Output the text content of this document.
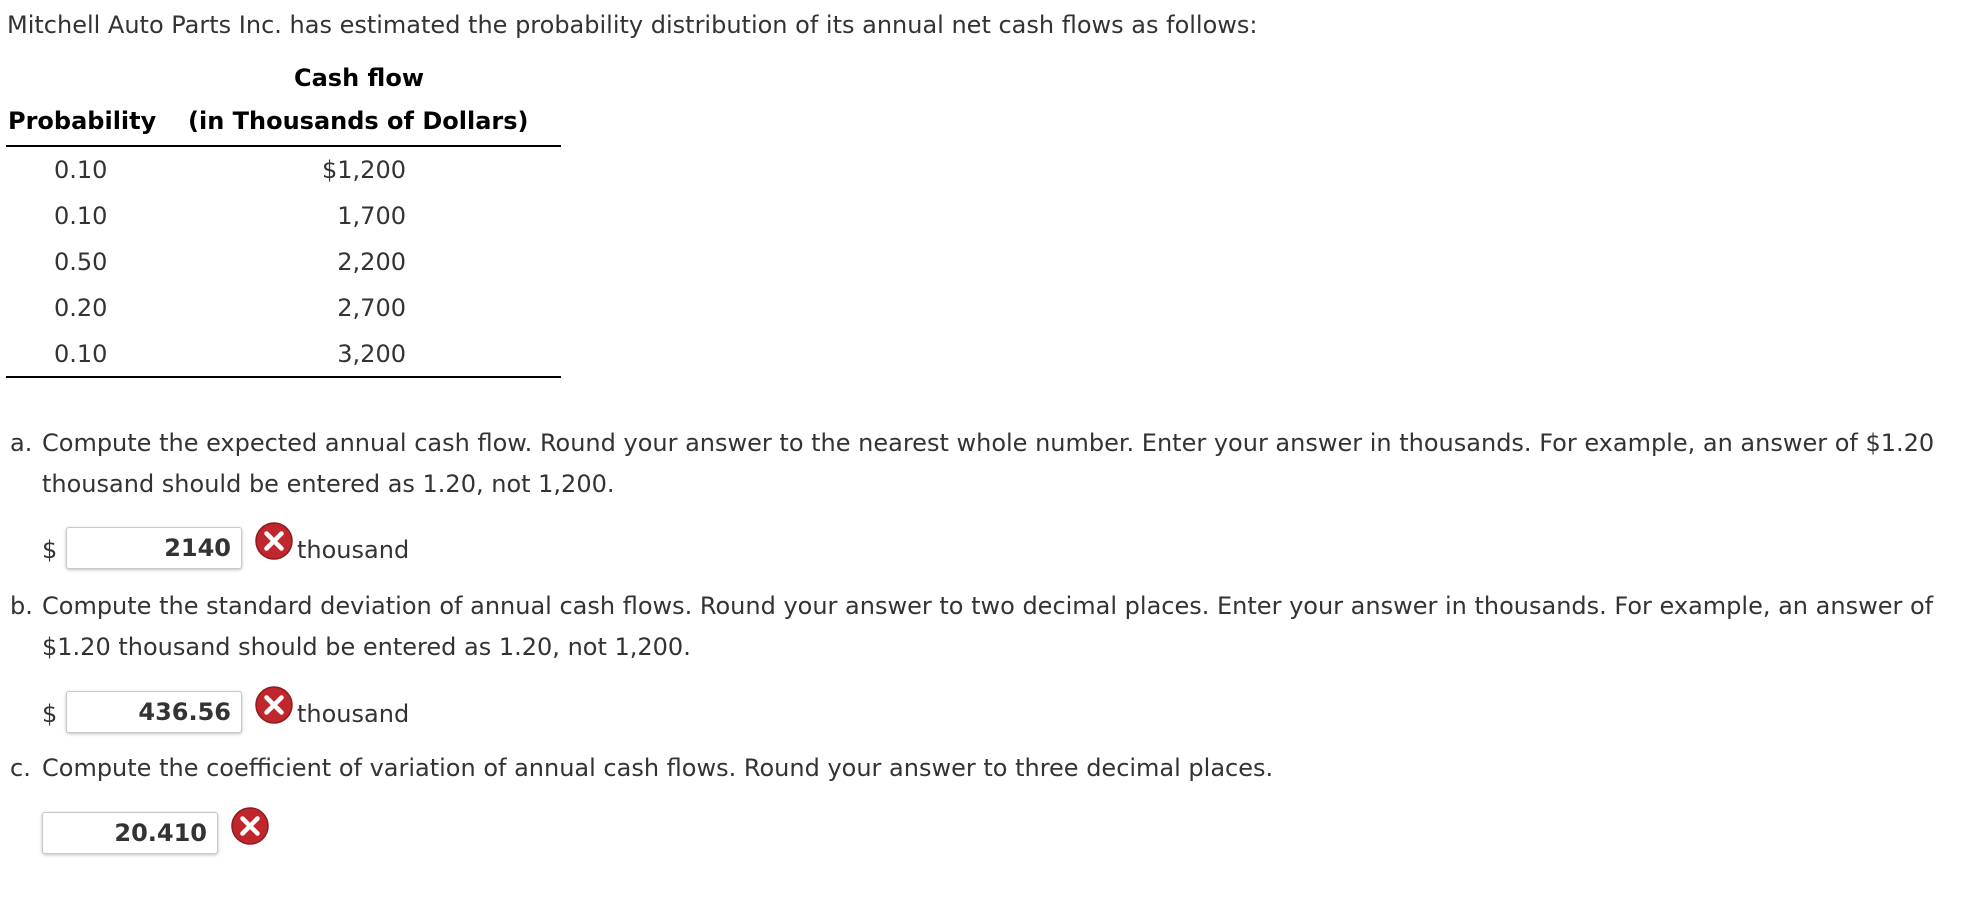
Mitchell Auto Parts Inc. has estimated the probability distribution of its annual net cash flows as follows:
Cash flow
Probability (in Thousands of Dollars)
0.10	$1,200
0.10	1,700
0.50	2,200
0.20	2,700
0.10	3,200
a. Compute the expected annual cash flow. Round your answer to the nearest whole number. Enter your answer in thousands. For example, an answer of $1.20 thousand should be entered as 1.20, not 1,200.
$	2140	thousand
b. Compute the standard deviation of annual cash flows. Round your answer to two decimal places. Enter your answer in thousands. For example, an answer of $1.20 thousand should be entered as 1.20, not 1,200.
$	436.56	thousand
c. Compute the coefficient of variation of annual cash flows. Round your answer to three decimal places.
20.410
